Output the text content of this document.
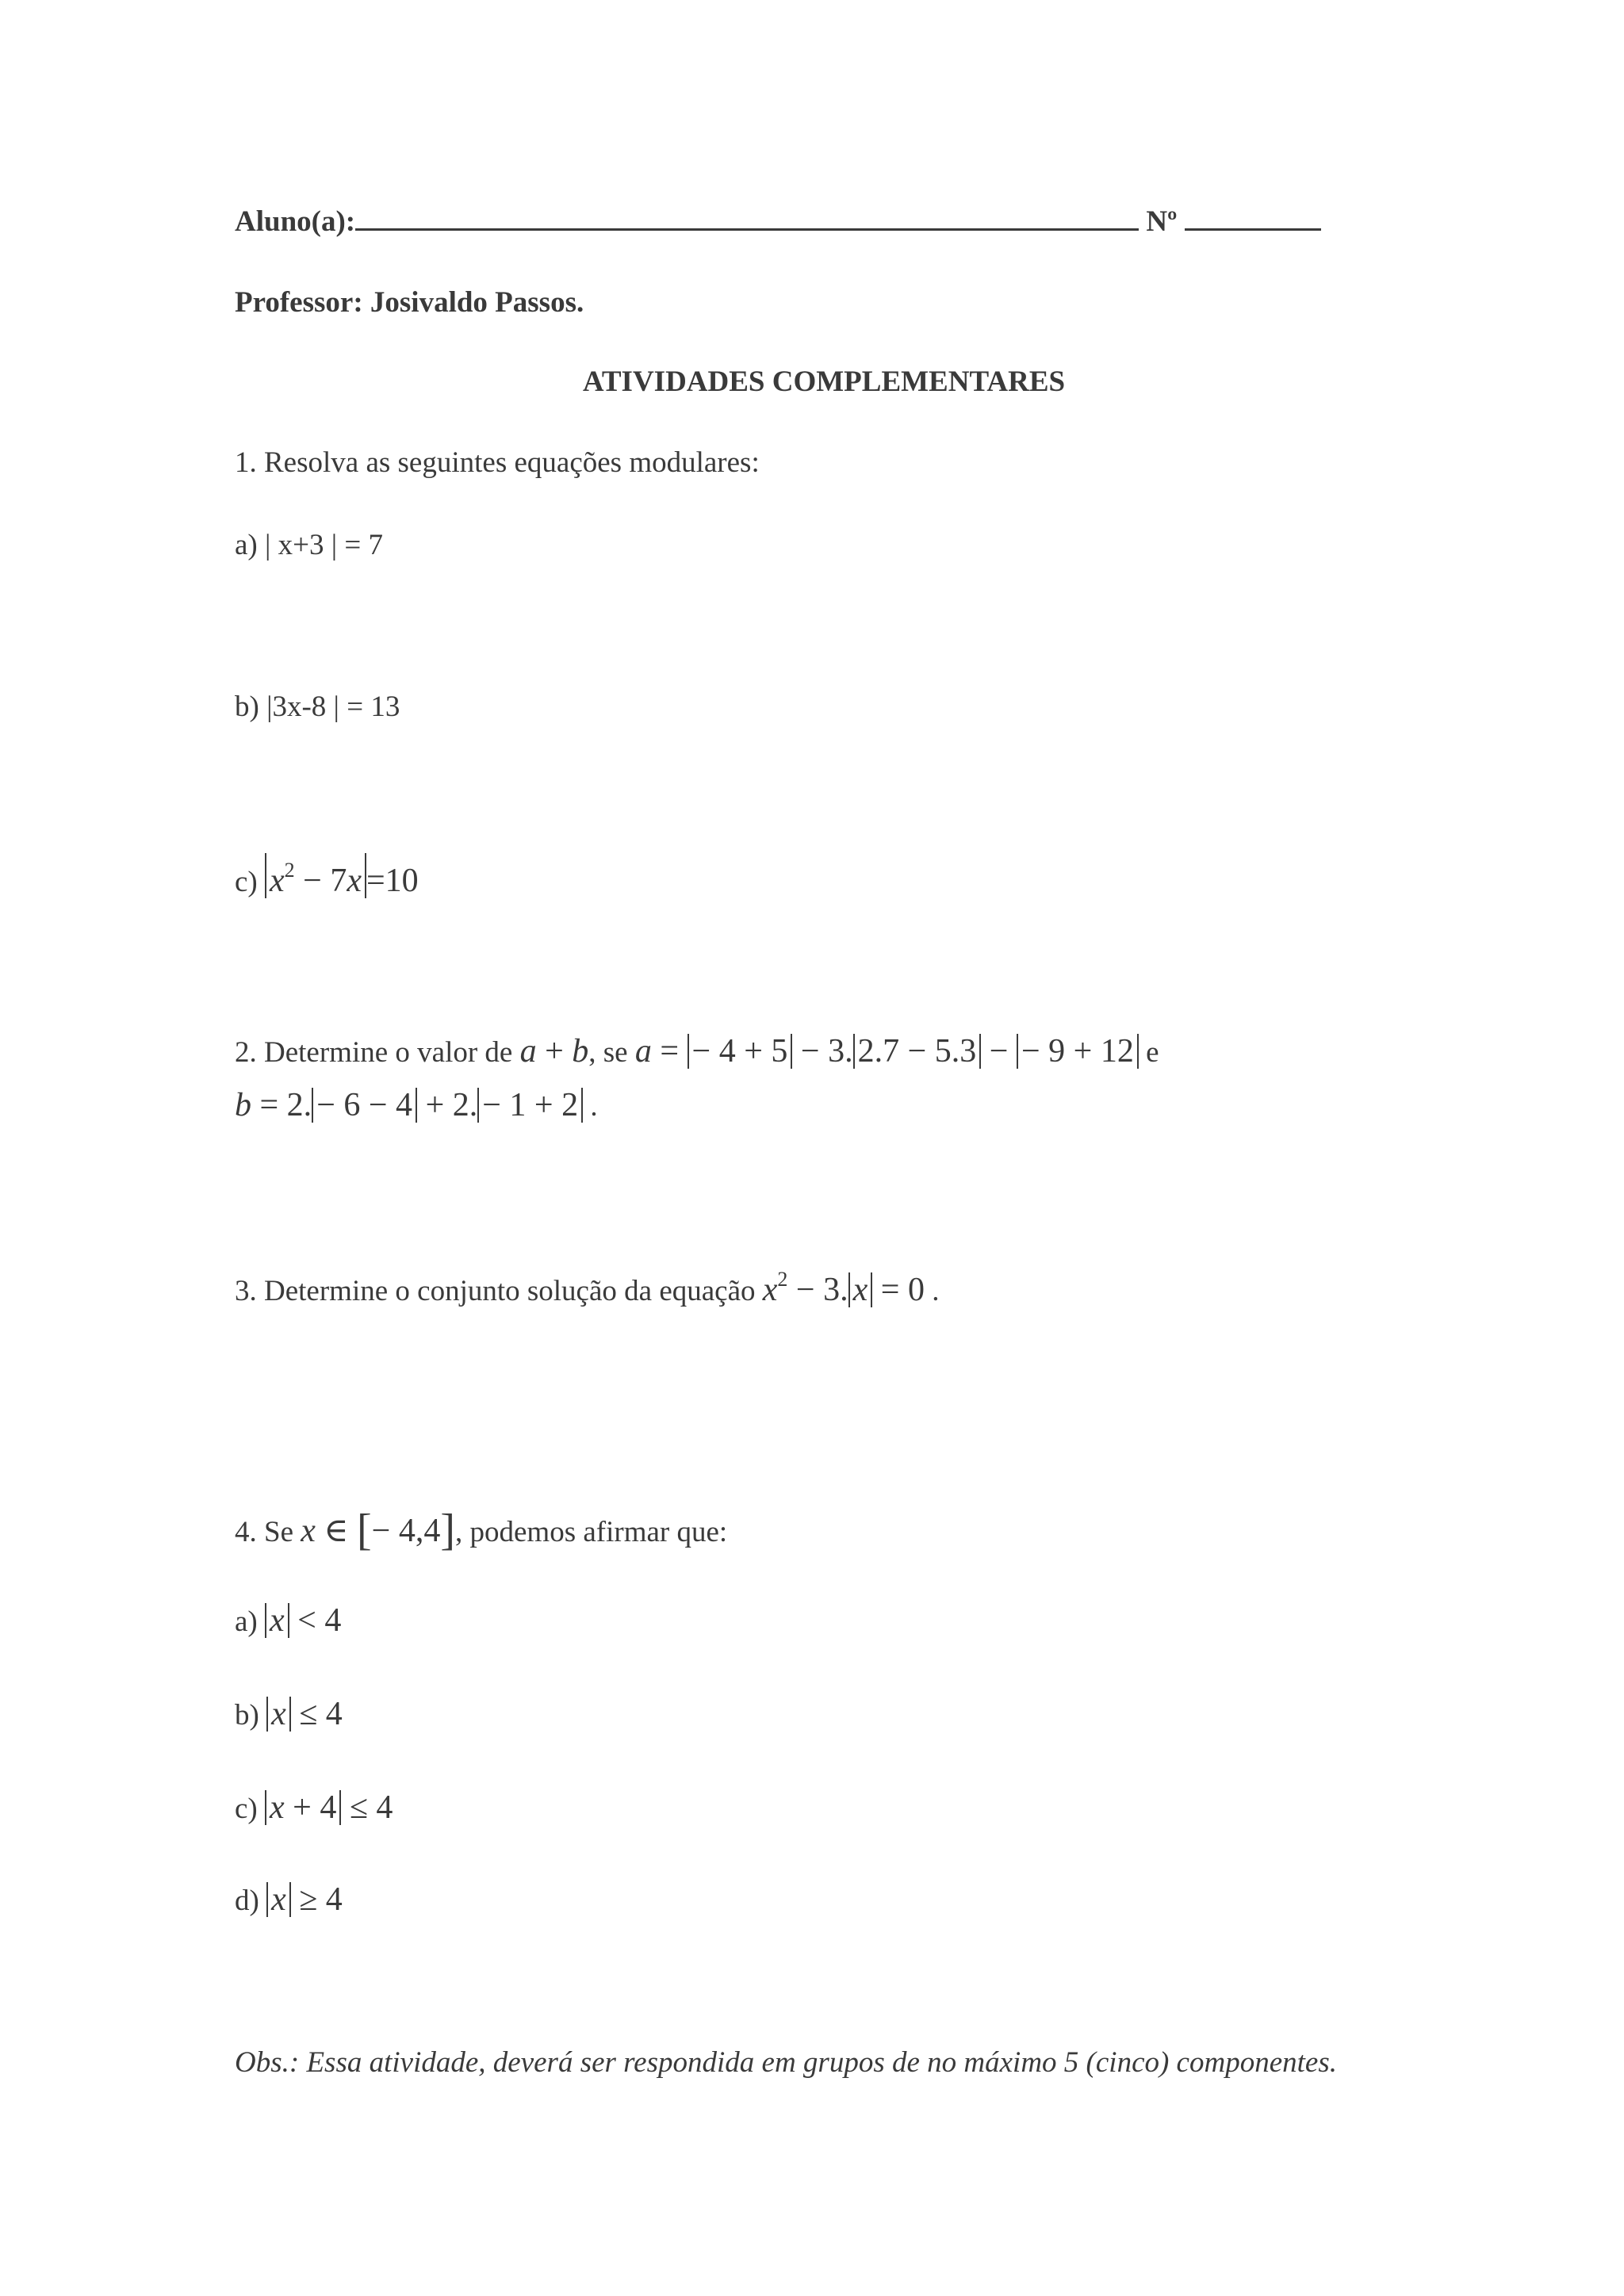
Aluno(a):	Nº
Professor: Josivaldo Passos.
ATIVIDADES COMPLEMENTARES
1. Resolva as seguintes equações modulares:
a) | x+3 | = 7
b) |3x-8 | = 13
c) $x^2 - 7x =10$
2. Determine o valor de a + b, se a = − 4 + 5 − 3. 2.7 − 5.3 − − 9 + 12 e
b = 2. − 6 − 4 + 2. − 1 + 2 .
3. Determine o conjunto solução da equação $x^2 - 3$. x = 0 .
4. Se x ∈ [− 4,4], podemos afirmar que:
a) x < 4
b) x ≤ 4
c) x + 4 ≤ 4
d) x ≥ 4
Obs.: Essa atividade, deverá ser respondida em grupos de no máximo 5 (cinco) componentes.
